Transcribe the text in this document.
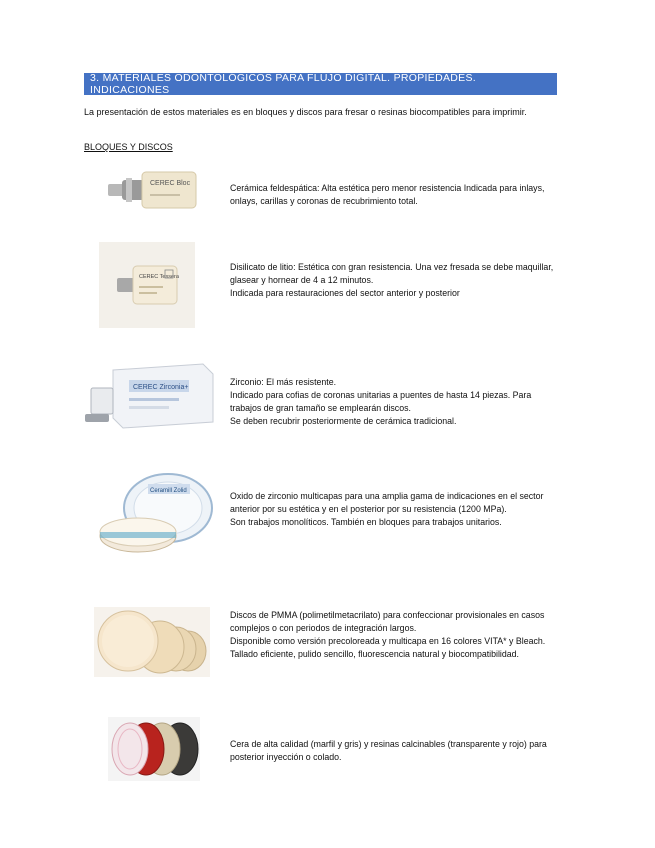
3. MATERIALES ODONTOLÓGICOS PARA FLUJO DIGITAL. PROPIEDADES. INDICACIONES
La presentación de estos materiales es en bloques y discos para fresar o resinas biocompatibles para imprimir.
BLOQUES Y DISCOS
CEREC Bloc	Cerámica feldespática: Alta estética pero menor resistencia Indicada para inlays, onlays, carillas y coronas de recubrimiento total.

CEREC Tessera

Disilicato de litio: Estética con gran resistencia. Una vez fresada se debe maquillar, glasear y hornear de 4 a 12 minutos.

Indicada para restauraciones del sector anterior y posterior

CEREC Zirconia+

Zirconio: El más resistente.

Indicado para cofias de coronas unitarias a puentes de hasta 14 piezas. Para trabajos de gran tamaño se emplearán discos.

Se deben recubrir posteriormente de cerámica tradicional.

Ceramill Zolid	Oxido de zirconio multicapas para una amplia gama de indicaciones en el sector anterior por su estética y en el posterior por su resistencia (1200 MPa).

Son trabajos monolíticos. También en bloques para trabajos unitarios.

Discos de PMMA (polimetilmetacrilato) para confeccionar provisionales en casos complejos o con periodos de integración largos.

Disponible como versión precoloreada y multicapa en 16 colores VITA* y Bleach. Tallado eficiente, pulido sencillo, fluorescencia natural y biocompatibilidad.

Cera de alta calidad (marfil y gris) y resinas calcinables (transparente y rojo) para posterior inyección o colado.
